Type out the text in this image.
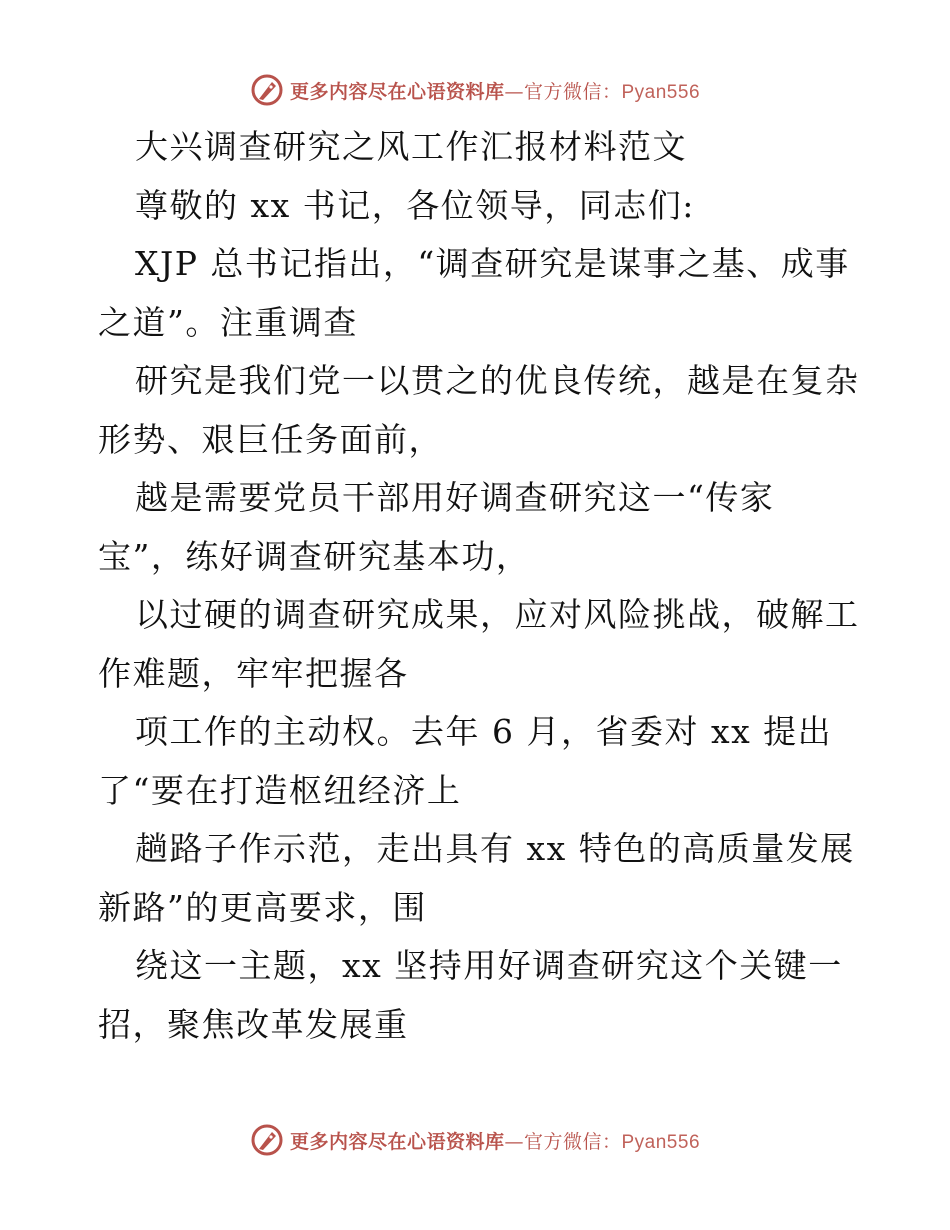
更多内容尽在心语资料库—官方微信：Pyan556
大兴调查研究之风工作汇报材料范文
尊敬的 xx 书记，各位领导，同志们:
XJP 总书记指出，“调查研究是谋事之基、成事
之道”。注重调查
研究是我们党一以贯之的优良传统，越是在复杂
形势、艰巨任务面前，
越是需要党员干部用好调查研究这一“传家
宝”，练好调查研究基本功，
以过硬的调查研究成果，应对风险挑战，破解工
作难题，牢牢把握各
项工作的主动权。去年 6 月，省委对 xx 提出
了“要在打造枢纽经济上
趟路子作示范，走出具有 xx 特色的高质量发展
新路”的更高要求，围
绕这一主题，xx 坚持用好调查研究这个关键一
招，聚焦改革发展重
更多内容尽在心语资料库—官方微信：Pyan556
